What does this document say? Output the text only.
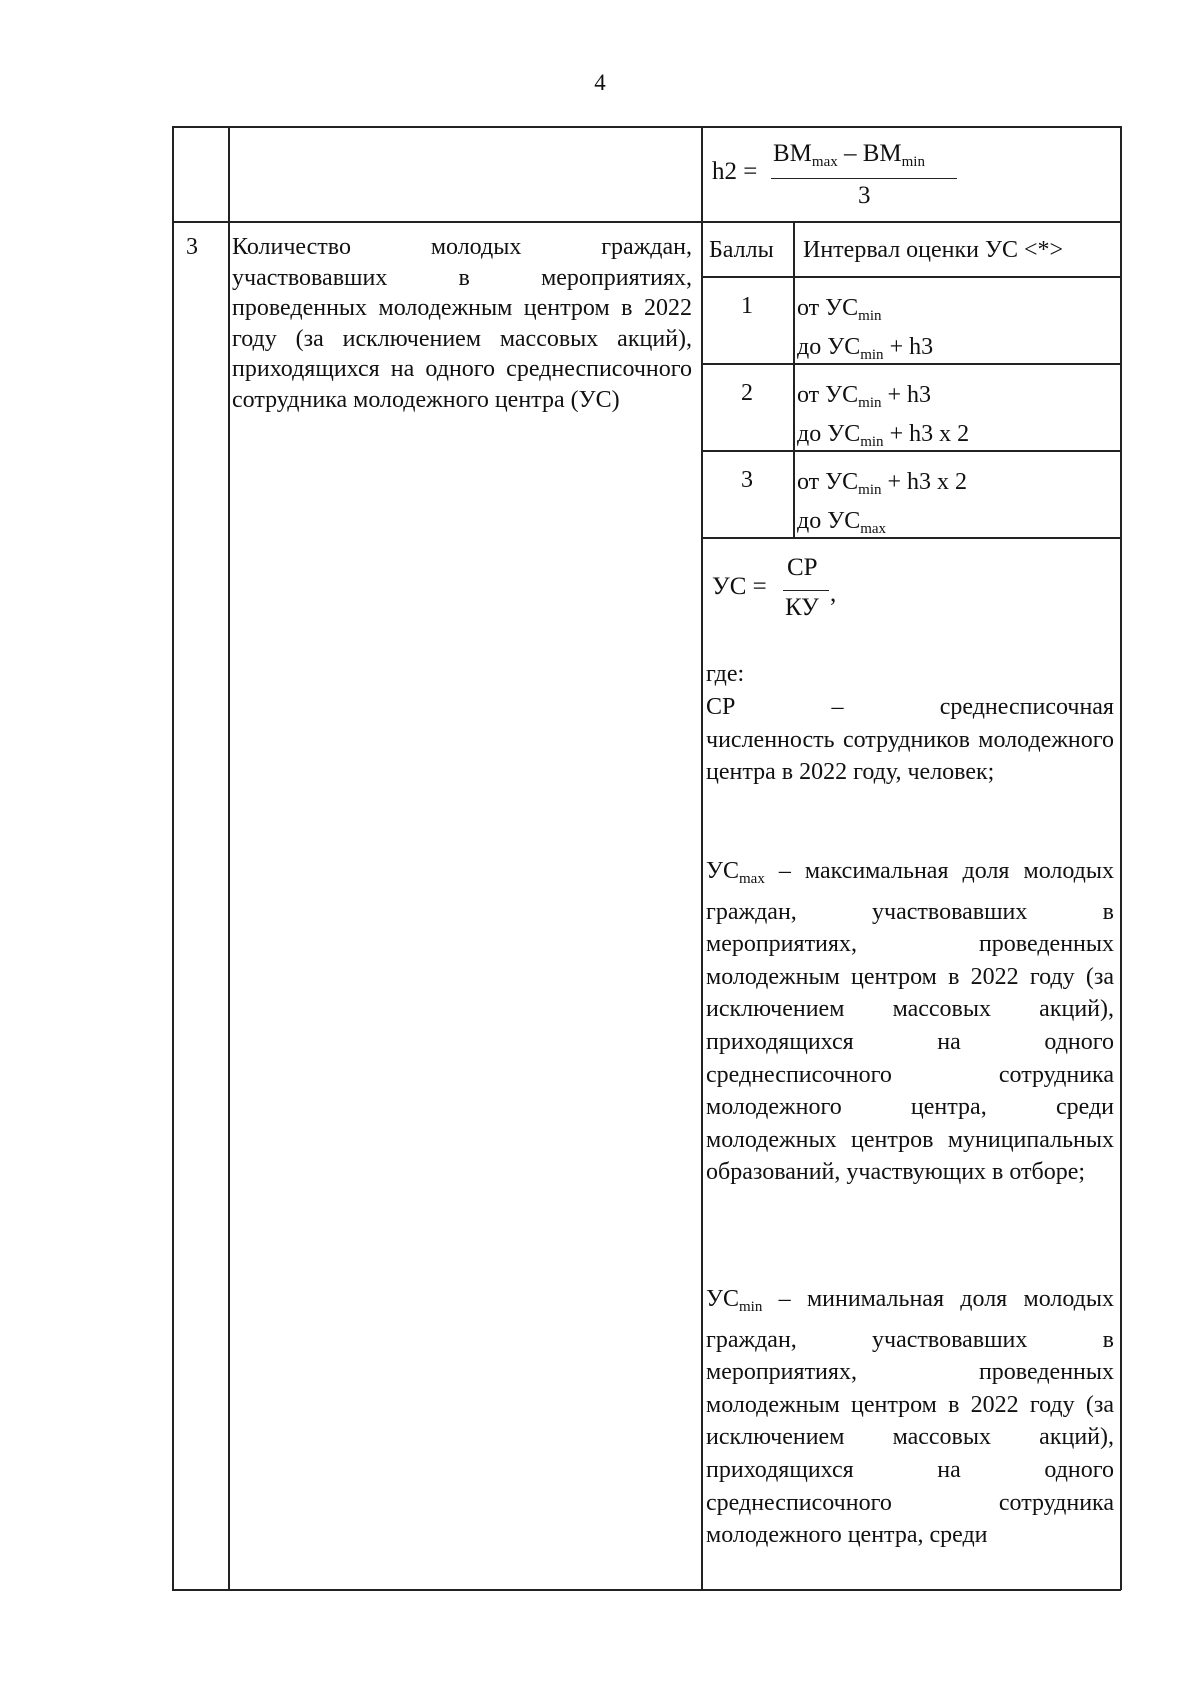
4
h2 =
$BM_{max} - BM_{min}$
3
3 Количество молодых граждан, участвовавших в мероприятиях, проведенных молодежным центром в 2022 году (за исключением массовых акций), приходящихся на одного среднесписочного сотрудника молодежного центра (УС)
Баллы Интервал оценки УС <*>
1 от $УС_{min}$
до $УС_{min} + h3$
2 от $УС_{min} + h3$
до $УС_{min} + h3$ x 2
3 от $УС_{min} + h3$ x 2
до $УС_{max}$
УС =
СР
КУ
,
где:
СР	–	среднесписочная
численность сотрудников молодежного центра в 2022 году, человек;
$УС_{max}$ – максимальная доля молодых граждан, участвовавших в мероприятиях, проведенных молодежным центром в 2022 году (за исключением массовых акций), приходящихся на одного среднесписочного сотрудника молодежного центра, среди молодежных центров муниципальных образований, участвующих в отборе;
$УС_{min}$ – минимальная доля молодых граждан, участвовавших в мероприятиях, проведенных молодежным центром в 2022 году (за исключением массовых акций), приходящихся на одного среднесписочного сотрудника молодежного центра, среди
